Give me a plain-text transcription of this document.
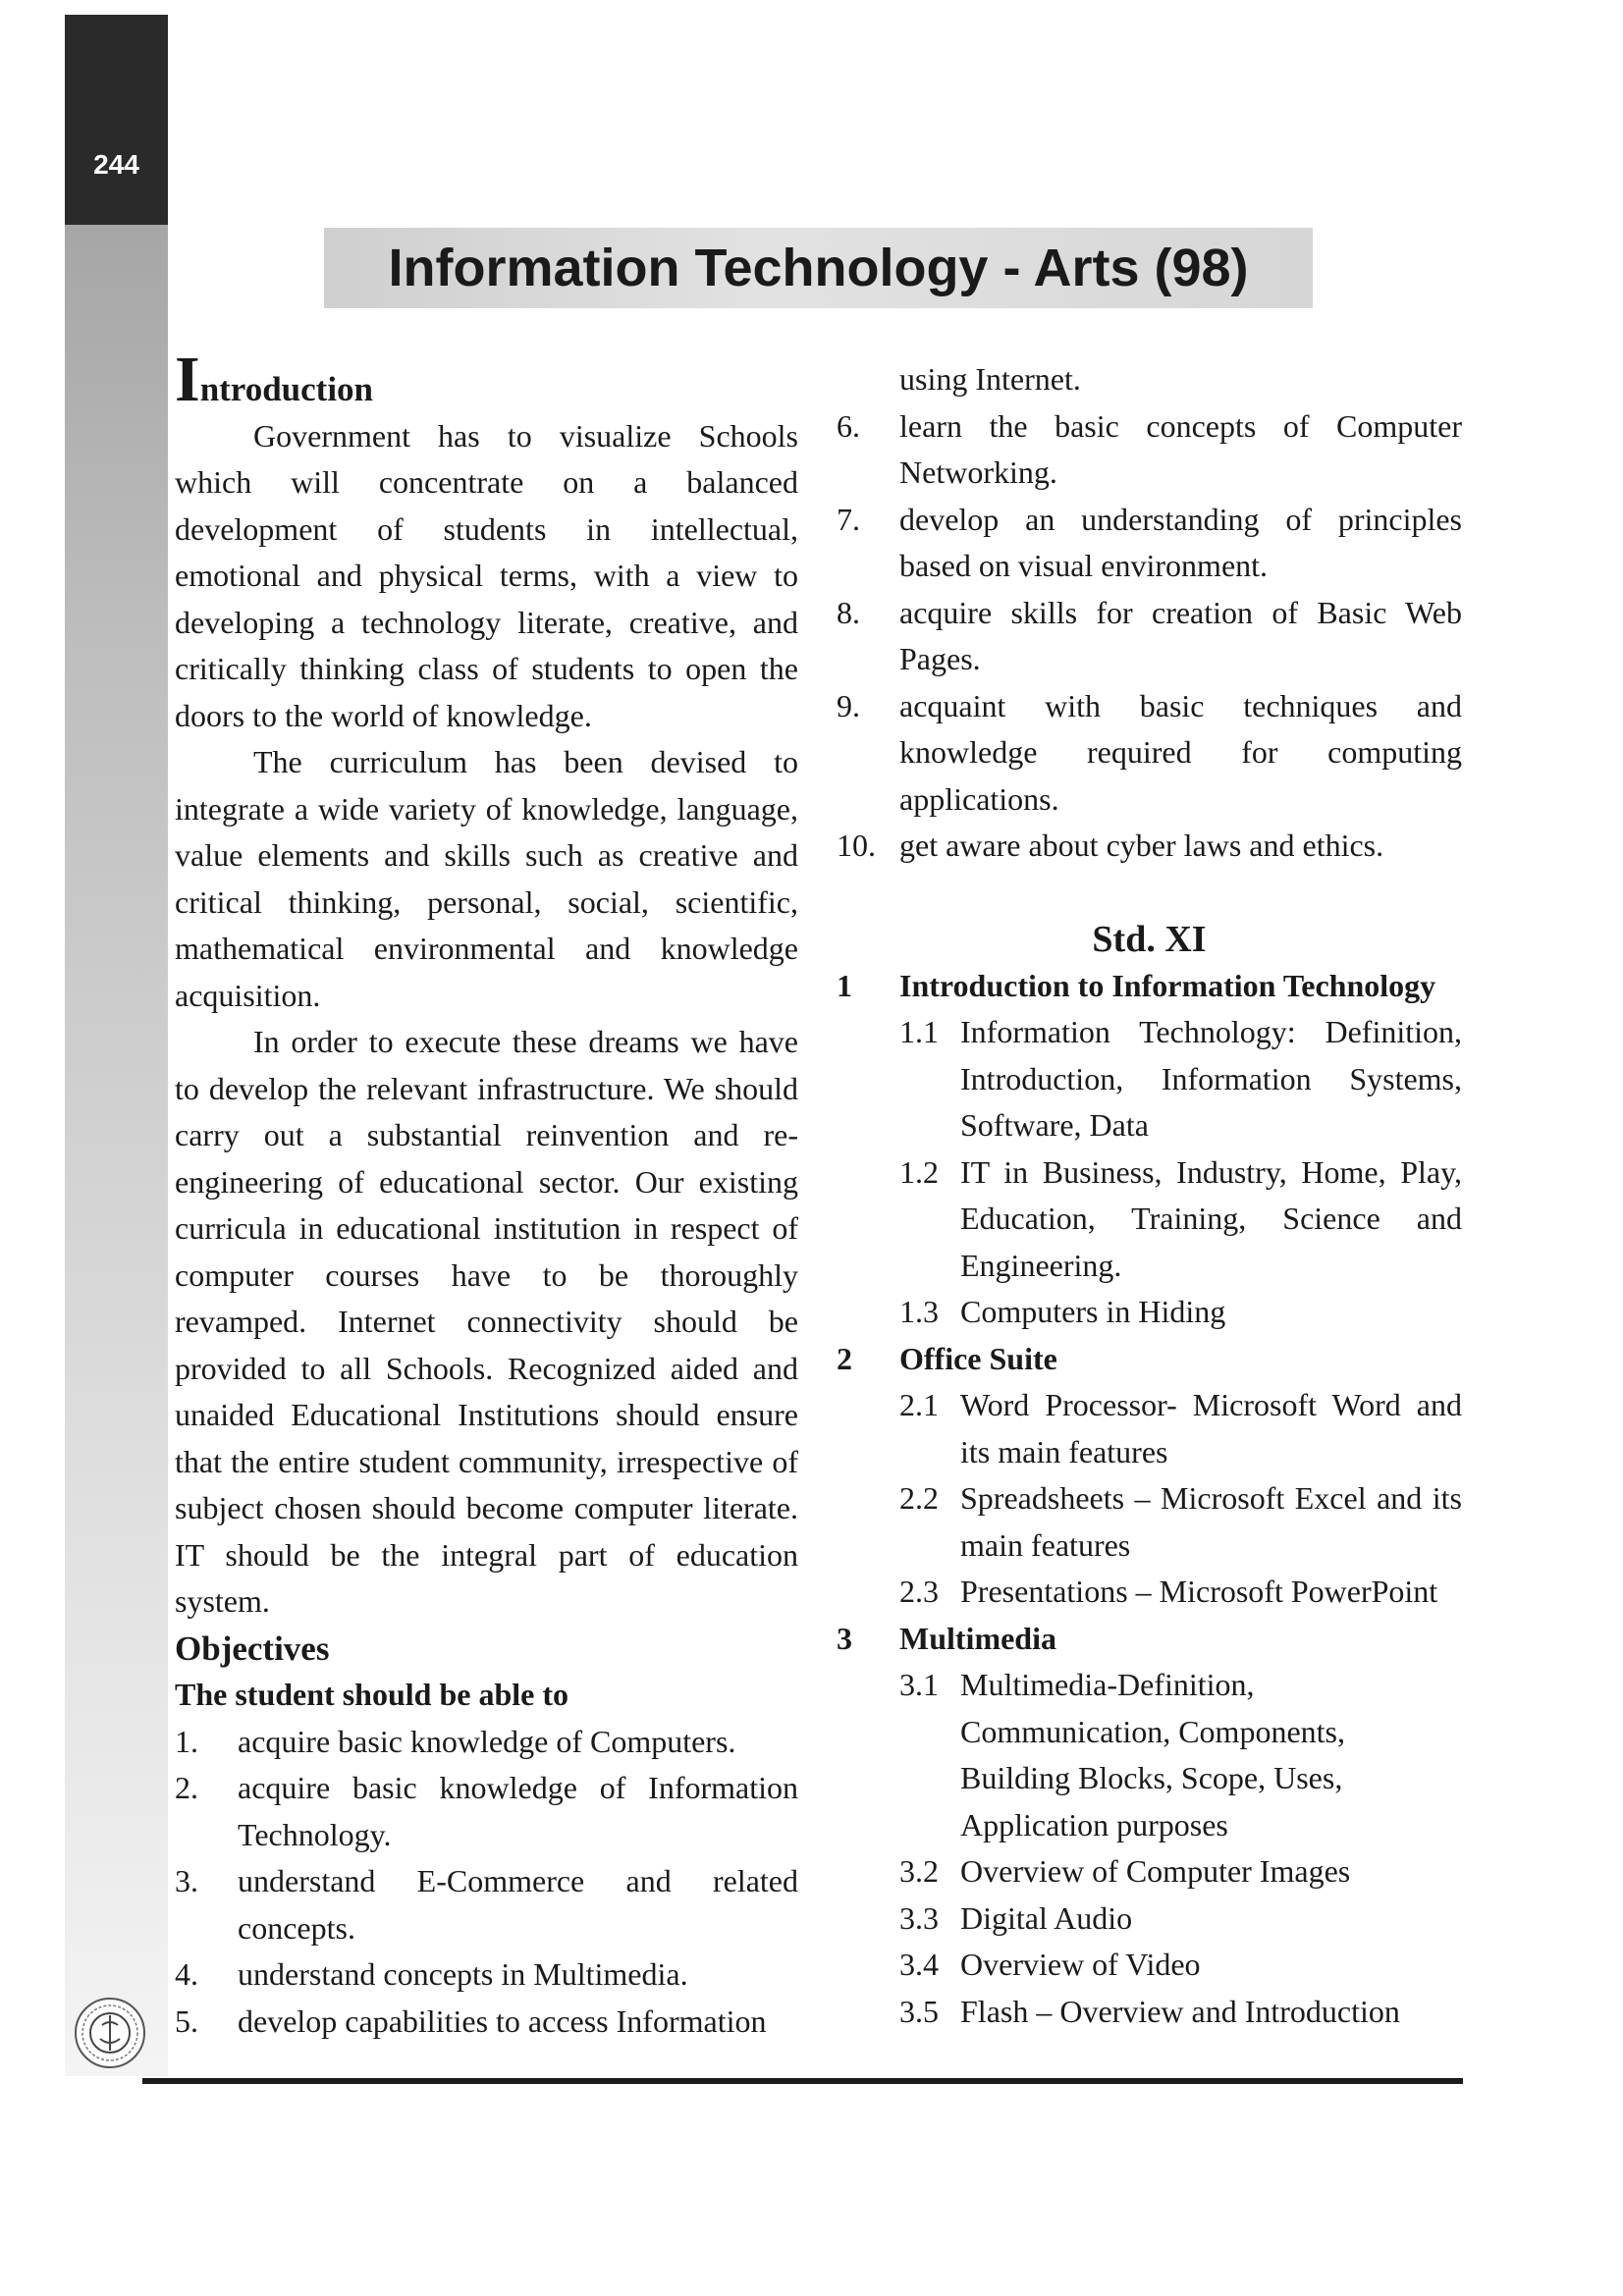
244
Information Technology - Arts (98)
Introduction

Government has to visualize Schools which will concentrate on a balanced development of students in intellectual, emotional and physical terms, with a view to developing a technology literate, creative, and critically thinking class of students to open the doors to the world of knowledge.

The curriculum has been devised to integrate a wide variety of knowledge, language, value elements and skills such as creative and critical thinking, personal, social, scientific, mathematical environmental and knowledge acquisition.

In order to execute these dreams we have to develop the relevant infrastructure. We should carry out a substantial reinvention and re-engineering of educational sector. Our existing curricula in educational institution in respect of computer courses have to be thoroughly revamped. Internet connectivity should be provided to all Schools. Recognized aided and unaided Educational Institutions should ensure that the entire student community, irrespective of subject chosen should become computer literate. IT should be the integral part of education system.

Objectives
The student should be able to
1.	acquire basic knowledge of Computers.
2.	acquire basic knowledge of Information Technology.
3.	understand E-Commerce and related concepts.
4.	understand concepts in Multimedia.
5.	develop capabilities to access Information
using Internet.
6.	learn the basic concepts of Computer Networking.
7.	develop an understanding of principles based on visual environment.
8.	acquire skills for creation of Basic Web Pages.
9.	acquaint with basic techniques and knowledge required for computing applications.
10. get aware about cyber laws and ethics.
Std. XI
1	Introduction to Information Technology
1.1 Information Technology: Definition, Introduction, Information Systems, Software, Data
1.2 IT in Business, Industry, Home, Play, Education, Training, Science and Engineering.
1.3 Computers in Hiding
2	Office Suite
2.1 Word Processor- Microsoft Word and its main features
2.2 Spreadsheets – Microsoft Excel and its main features
2.3 Presentations – Microsoft PowerPoint
3	Multimedia
3.1 Multimedia-Definition, Communication, Components, Building Blocks, Scope, Uses, Application purposes
3.2 Overview of Computer Images
3.3 Digital Audio
3.4 Overview of Video
3.5 Flash – Overview and Introduction
